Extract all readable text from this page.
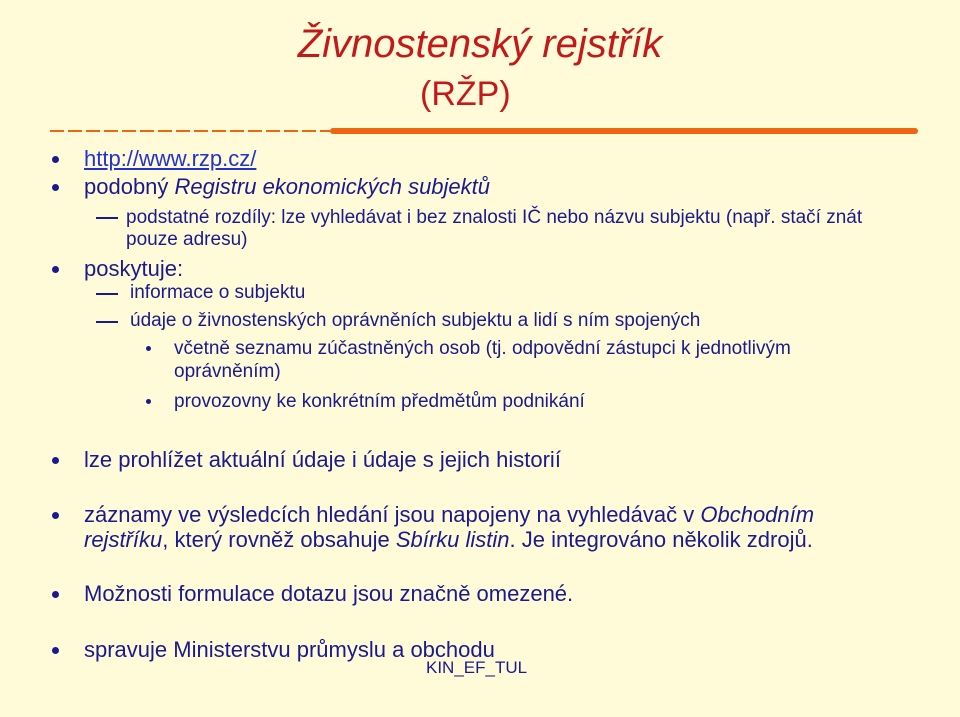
Živnostenský rejstřík
(RŽP)
http://www.rzp.cz/
podobný Registru ekonomických subjektů
podstatné rozdíly: lze vyhledávat i bez znalosti IČ nebo názvu subjektu (např. stačí znát
pouze adresu)
poskytuje:
informace o subjektu
údaje o živnostenských oprávněních subjektu a lidí s ním spojených
včetně seznamu zúčastněných osob (tj. odpovědní zástupci k jednotlivým
oprávněním)
provozovny ke konkrétním předmětům podnikání
lze prohlížet aktuální údaje i údaje s jejich historií
záznamy ve výsledcích hledání jsou napojeny na vyhledávač v Obchodním
rejstříku, který rovněž obsahuje Sbírku listin. Je integrováno několik zdrojů.
Možnosti formulace dotazu jsou značně omezené.
spravuje Ministerstvu průmyslu a obchodu
KIN_EF_TUL
